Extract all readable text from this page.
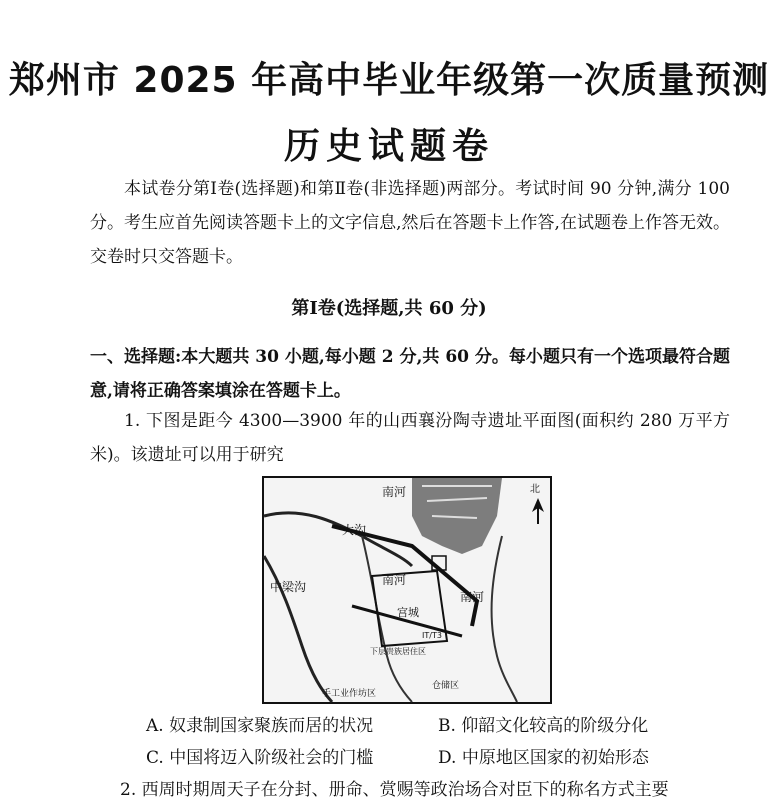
郑州市 2025 年高中毕业年级第一次质量预测
历史试题卷
本试卷分第Ⅰ卷(选择题)和第Ⅱ卷(非选择题)两部分。考试时间 90 分钟,满分 100 分。考生应首先阅读答题卡上的文字信息,然后在答题卡上作答,在试题卷上作答无效。交卷时只交答题卡。
第Ⅰ卷(选择题,共 60 分)
一、选择题:本大题共 30 小题,每小题 2 分,共 60 分。每小题只有一个选项最符合题意,请将正确答案填涂在答题卡上。
1. 下图是距今 4300—3900 年的山西襄汾陶寺遗址平面图(面积约 280 万平方米)。该遗址可以用于研究
南河
大沟
南河
中梁沟
南河
宫城
IT/T3
下层贵族居住区
仓储区
手工业作坊区
北
A. 奴隶制国家聚族而居的状况	B. 仰韶文化较高的阶级分化
C. 中国将迈入阶级社会的门槛	D. 中原地区国家的初始形态
2. 西周时期周天子在分封、册命、赏赐等政治场合对臣下的称名方式主要
